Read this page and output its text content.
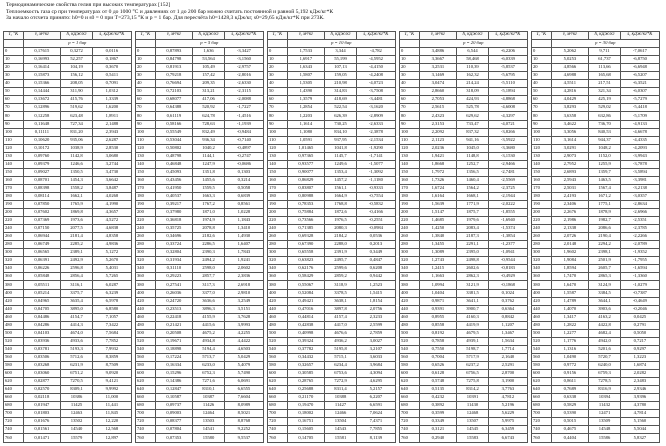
Термодинамические свойства гелия при высоких температурах [152]
Теплоемкость газа ср при температурах от 0 до 1000 °С и давлениях от 1 до 200 бар можно считать постоянной и равной 5,192 кДж/кг*К
За начало отсчета принято: h0=0 и s0 = 0 при Т=273,15 °К и р = 1 бар. Для пересчёта h0=1428,3 кДж/кг, s0=29,65 кДж/кг*К при 273К.
T, °K	v, м³/кг	h, кДж/кг	s, кДж/кг*К
	p = 1 бар		
0	0,17615	0,3272	0,0116
10	0,16993	52,257	0,1867
20	0,16414	104,19	0,3670
30	0,15873	156,12	0,5411
40	0,15366	208,05	0,7091
50	0,14444	311,90	1,0312
60	0,13672	415,76	1,3339
70	0,12896	519,62	1,6200
80	0,12258	623,48	1,8911
90	0,11648	727,34	2,1488
100	0,11111	831,20	2,3943
110	0,10620	935,06	2,6287
120	0,10172	1038,9	2,8530
130	0,09760	1142,8	3,0680
140	0,09379	1246,6	3,2744
150	0,09027	1350,5	3,4730
160	0,08701	1454,3	3,6642
170	0,08398	1558,2	3,8487
180	0,08114	1662,1	4,0268
190	0,07850	1765,9	4,1990
200	0,07602	1869,8	4,3657
220	0,07369	1973,6	4,5272
240	0,07150	2077,5	4,6838
260	0,06944	2181,4	4,8358
280	0,06749	2285,2	4,9836
300	0,06565	2389,1	5,1272
320	0,06391	2492,9	5,2670
340	0,06226	2596,8	5,4031
360	0,05848	2856,4	5,7265
380	0,05511	3116,1	6,0287
400	0,05214	3375,7	6,3239
420	0,04965	3635,4	6,5978
440	0,04705	3895,0	6,8580
460	0,04486	4154,7	7,1057
480	0,04286	4414,3	7,3422
500	0,04103	4674,0	7,5684
520	0,03936	4933,6	7,7852
540	0,03781	5193,3	7,9932
560	0,03506	5712,6	8,3859
580	0,03268	6231,9	8,7509
600	0,03060	6751,2	9,0920
620	0,02877	7270,5	9,4121
640	0,02570	8309,1	9,9992
660	0,02118	10386	11,000
680	0,01947	11425	11,441
700	0,01803	12463	11,845
720	0,01676	13502	12,220
740	0,01561	14540	12,568
760	0,01471	15579	12,897
T, °K	v, м³/кг	h, кДж/кг	s, кДж/кг*К
	p = 5 бар		
0	0,87893	1,636	-3,3427
10	0,84798	53,564	-3,1560
20	0,81913	105,49	-2,9757
30	0,79218	157,42	-2,8016
40	0,76694	209,35	-2,6330
50	0,72103	313,21	-2,3115
60	0,68077	417,06	-2,0088
70	0,64388	520,92	-1,7227
80	0,61119	624,78	-1,4516
90	0,58166	728,63	-1,1939
100	0,55549	832,49	-0,9484
110	0,53044	936,34	-0,7140
120	0,50802	1040,2	-0,4897
130	0,48798	1144,1	-0,2747
140	0,46848	1247,9	-0,0686
150	0,45093	1351,8	0,1303
160	0,43456	1455,6	0,3214
170	0,41950	1559,5	0,5058
180	0,40537	1663,3	0,6839
190	0,39217	1767,2	0,8561
200	0,37980	1871,0	1,0228
220	0,36818	1974,9	1,1843
240	0,35725	2078,8	1,3410
260	0,34696	2182,6	1,4930
280	0,33724	2286,5	1,6407
300	0,32804	2390,3	1,7843
320	0,31934	2494,2	1,9241
340	0,31110	2598,0	2,0602
360	0,29223	2857,7	2,3836
380	0,27541	3117,3	2,6918
400	0,26036	3377,0	2,9810
420	0,24720	3636,6	3,2549
440	0,23513	3896,3	3,5151
460	0,22418	4155,9	3,7628
480	0,21421	4415,6	3,9993
500	0,20508	4675,2	4,2255
520	0,19671	4934,8	4,4422
540	0,18898	5194,4	4,6503
560	0,17224	5713,7	5,0429
580	0,16334	6233,0	5,4079
600	0,15296	6752,3	5,7490
620	0,14386	7271,6	6,0691
640	0,12847	8310,1	6,6555
660	0,10587	10387	7,6604
680	0,09737	11426	8,0989
700	0,09003	12464	8,5021
720	0,08377	13503	8,8768
740	0,07804	14541	9,2252
760	0,07353	15580	9,5537
T, °K	v, м³/кг	h, кДж/кг	s, кДж/кг*К
	p = 10 бар		
0	1,7533	3,344	-4,782
10	1,6917	55,199	-4,5952
20	1,6343	107,13	-4,4150
30	1,5807	159,05	-4,2408
40	1,5305	210,98	-4,0723
50	1,4390	314,83	-3,7508
60	1,3579	418,69	-3,4481
70	1,2854	522,54	-3,1620
80	1,2203	626,39	-2,8909
90	1,1614	730,25	-2,6333
100	1,1080	834,10	-2,3878
110	1,0591	937,95	-2,1534
120	1,01465	1041,8	-1,9290
130	0,97365	1145,7	-1,7141
140	0,93577	1249,6	-1,5077
150	0,90077	1353,4	-1,3092
160	0,86829	1457,2	-1,1180
170	0,83807	1561,1	-0,9333
180	0,80988	1664,9	-0,7554
190	0,78353	1768,8	-0,5832
200	0,75884	1872,6	-0,4166
220	0,73566	1976,5	-0,2551
240	0,71385	2080,3	-0,0984
260	0,69328	2184,2	0,0536
280	0,67390	2288,0	0,2013
300	0,65558	2391,9	0,3449
320	0,63823	2495,7	0,4847
340	0,62176	2599,6	0,6208
360	0,58429	2859,2	0,9442
380	0,55067	3118,9	1,2523
400	0,52084	3378,5	1,5415
420	0,49421	3638,1	1,8154
440	0,47016	3897,8	2,0756
460	0,44814	4157,4	2,3233
480	0,42838	4417,0	2,5599
500	0,40998	4676,6	2,7859
520	0,39324	4936,2	3,0027
540	0,37782	5195,8	3,2107
560	0,34432	5715,1	3,6033
580	0,32657	6234,4	3,9684
600	0,30585	6753,6	4,3094
620	0,28765	7272,9	4,6295
640	0,25688	8311,4	5,2157
660	0,21170	10388	6,2207
680	0,19470	11427	6,6591
700	0,18002	12466	7,0624
720	0,16751	13504	7,4371
740	0,15605	14543	7,7855
760	0,14705	15581	8,1139
T, °K	v, м³/кг	h, кДж/кг	s, кДж/кг*К
	p = 20 бар		
0	3,4886	6,544	-6,2206
10	3,3667	58,468	-6,0339
20	3,2531	110,39	-5,8537
30	3,1469	162,32	-5,6795
40	3,0474	214,24	-5,5110
50	2,8660	318,09	-5,1894
60	2,7053	424,93	-4,8868
70	2,5615	525,78	-4,6008
80	2,4323	629,62	-4,3297
90	2,3153	733,47	-4,0721
100	2,2092	837,32	-3,8266
110	2,1123	941,16	-3,5922
120	2,0236	1045,0	-3,3680
130	1,9421	1148,8	-3,1530
140	1,8668	1252,7	-2,9466
150	1,7972	1356,5	-2,7481
160	1,7326	1460,4	-2,5569
170	1,6724	1564,2	-2,3725
180	1,6164	1668,1	-2,1944
190	1,5639	1771,9	-2,0222
200	1,5147	1875,7	-1,8555
220	1,4685	1979,6	-1,6940
240	1,4250	2083,4	-1,5374
260	1,3840	2187,3	-1,3854
280	1,3455	2291,1	-1,2377
300	1,3089	2395,0	-1,0941
320	1,2743	2498,8	-0,9544
340	1,2415	2602,6	-0,8183
360	1,1663	2862,3	-0,4929
380	1,0994	3121,9	-0,1868
400	1,0404	3381,5	0,1024
420	0,9871	3641,1	0,3762
440	0,9391	3900,7	0,6364
460	0,8955	4160,3	0,8842
480	0,8558	4419,9	1,1207
500	0,8192	4679,5	1,3467
520	0,7858	4939,1	1,5634
540	0,7550	5198,7	1,7714
560	0,7004	5717,9	2,1640
580	0,6526	6237,2	2,5291
600	0,6128	6756,5	2,8700
620	0,5748	7275,8	3,1900
640	0,5135	8314,2	3,7763
660	0,4232	10391	4,7812
680	0,3892	11430	5,2196
700	0,3599	12468	5,6229
720	0,3349	13507	5,9975
740	0,3121	14545	6,3459
760	0,2940	15583	6,6743
T, °K	v, м³/кг	h, кДж/кг	s, кДж/кг*К
	p = 30 бар		
0	5,2062	9,711	-7,0617
10	5,0253	61,737	-6,8750
20	4,8566	113,66	-6,6948
30	4,6988	165,68	-6,5207
40	4,5511	217,51	-6,3521
50	4,2816	321,34	-6,0307
60	4,0429	425,19	-5,7279
70	3,8293	529,02	-5,4418
80	3,6358	632,86	-5,1709
90	3,4622	736,70	-4,9133
100	3,3056	840,53	-4,6678
110	3,1614	944,37	-4,4335
120	3,0291	1048,2	-4,2093
130	2,9073	1152,0	-3,9943
140	2,7952	1255,9	-3,7878
150	2,6893	1359,7	-3,5894
160	2,5943	1463,5	-3,3981
170	2,5031	1567,4	-3,2138
180	2,4193	1671,2	-3,0357
190	2,3406	1775,1	-2,8634
200	2,2676	1878,9	-2,6966
220	2,1986	1982,7	-2,5351
240	2,1338	2086,6	-2,3785
260	2,0726	2190,4	-2,2266
280	2,0148	2294,2	-2,0789
300	1,9602	2398,1	-1,9352
320	1,9084	2501,9	-1,7955
340	1,8594	2605,7	-1,6594
360	1,7470	2865,3	-1,3360
380	1,6470	3124,9	-1,0279
400	1,5587	3384,5	-0,7387
420	1,4789	3644,1	-0,4649
440	1,4070	3903,6	-0,2046
460	1,3417	4163,2	0,0425
480	1,2822	4422,8	0,2791
500	1,2277	4682,4	0,5050
520	1,1776	4942,0	0,7217
540	1,1316	5201,6	0,9297
560	1,0490	5720,7	1,3223
580	0,9772	6240,0	1,6874
600	0,9156	6759,3	2,0282
620	0,8611	7278,5	2,3483
640	0,7689	8316,9	2,9346
660	0,6338	10394	3,9396
680	0,5829	11432	4,3780
700	0,5390	12471	4,7814
720	0,5015	13509	5,1560
740	0,4675	14548	5,5044
760	0,4404	15586	5,8327
